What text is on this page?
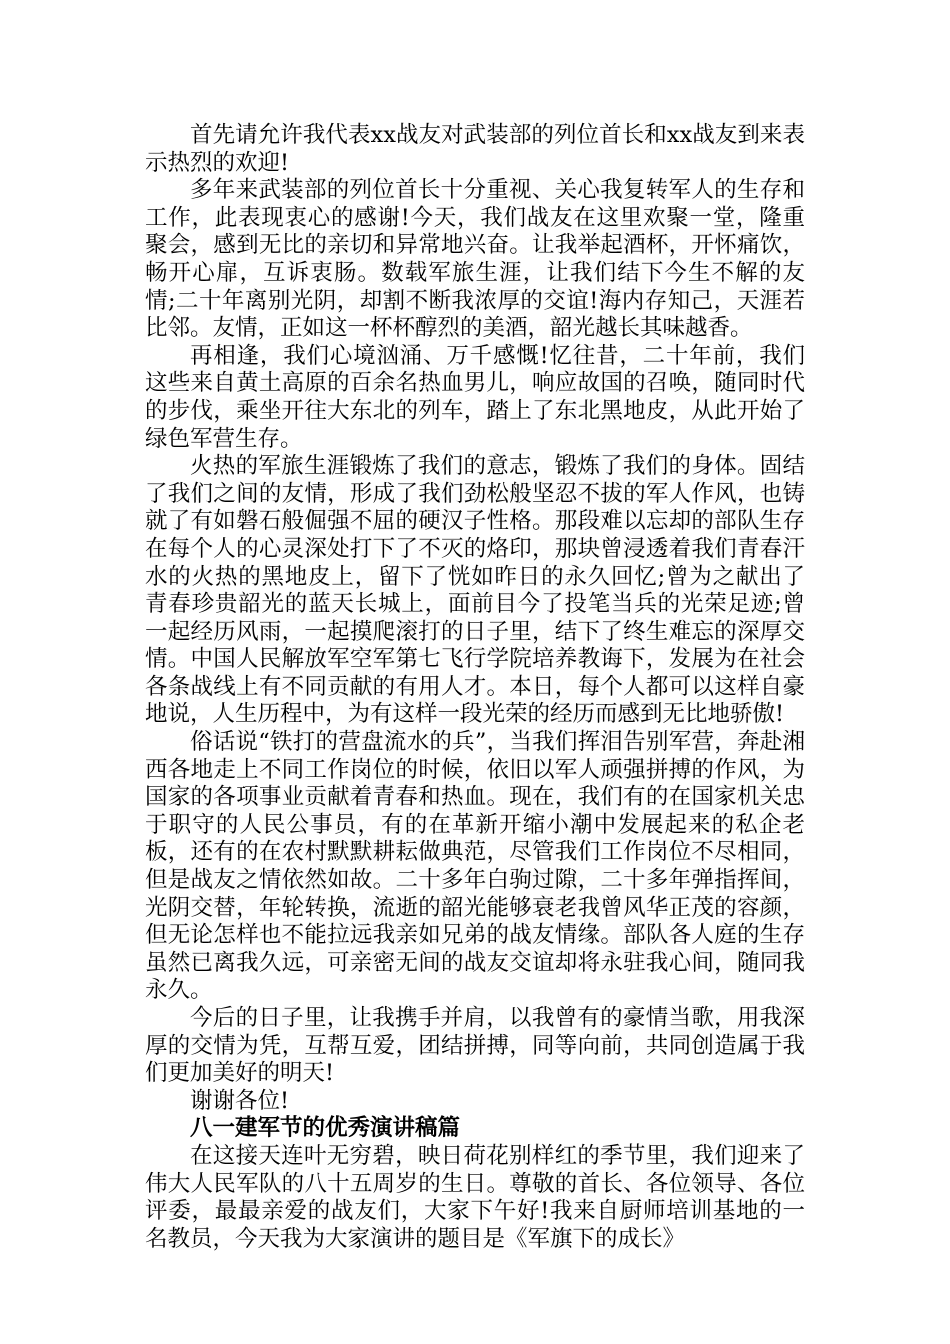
首先请允许我代表xx战友对武装部的列位首长和xx战友到来表示热烈的欢迎!

多年来武装部的列位首长十分重视、关心我复转军人的生存和工作，此表现衷心的感谢!今天，我们战友在这里欢聚一堂，隆重聚会，感到无比的亲切和异常地兴奋。让我举起酒杯，开怀痛饮，畅开心扉，互诉衷肠。数载军旅生涯，让我们结下今生不解的友情;二十年离别光阴，却割不断我浓厚的交谊!海内存知己，天涯若比邻。友情，正如这一杯杯醇烈的美酒，韶光越长其味越香。

再相逢，我们心境汹涌、万千感慨!忆往昔，二十年前，我们这些来自黄土高原的百余名热血男儿，响应故国的召唤，随同时代的步伐，乘坐开往大东北的列车，踏上了东北黑地皮，从此开始了绿色军营生存。

火热的军旅生涯锻炼了我们的意志，锻炼了我们的身体。固结了我们之间的友情，形成了我们劲松般坚忍不拔的军人作风，也铸就了有如磐石般倔强不屈的硬汉子性格。那段难以忘却的部队生存在每个人的心灵深处打下了不灭的烙印，那块曾浸透着我们青春汗水的火热的黑地皮上，留下了恍如昨日的永久回忆;曾为之献出了青春珍贵韶光的蓝天长城上，面前目今了投笔当兵的光荣足迹;曾一起经历风雨，一起摸爬滚打的日子里，结下了终生难忘的深厚交情。中国人民解放军空军第七飞行学院培养教诲下，发展为在社会各条战线上有不同贡献的有用人才。本日，每个人都可以这样自豪地说，人生历程中，为有这样一段光荣的经历而感到无比地骄傲!

俗话说“铁打的营盘流水的兵”，当我们挥泪告别军营，奔赴湘西各地走上不同工作岗位的时候，依旧以军人顽强拼搏的作风，为国家的各项事业贡献着青春和热血。现在，我们有的在国家机关忠于职守的人民公事员，有的在革新开缩小潮中发展起来的私企老板，还有的在农村默默耕耘做典范，尽管我们工作岗位不尽相同，但是战友之情依然如故。二十多年白驹过隙，二十多年弹指挥间，光阴交替，年轮转换，流逝的韶光能够衰老我曾风华正茂的容颜，但无论怎样也不能拉远我亲如兄弟的战友情缘。部队各人庭的生存虽然已离我久远，可亲密无间的战友交谊却将永驻我心间，随同我永久。

今后的日子里，让我携手并肩，以我曾有的豪情当歌，用我深厚的交情为凭，互帮互爱，团结拼搏，同等向前，共同创造属于我们更加美好的明天!

谢谢各位!

八一建军节的优秀演讲稿篇

在这接天连叶无穷碧，映日荷花别样红的季节里，我们迎来了伟大人民军队的八十五周岁的生日。尊敬的首长、各位领导、各位评委，最最亲爱的战友们，大家下午好!我来自厨师培训基地的一名教员，今天我为大家演讲的题目是《军旗下的成长》
